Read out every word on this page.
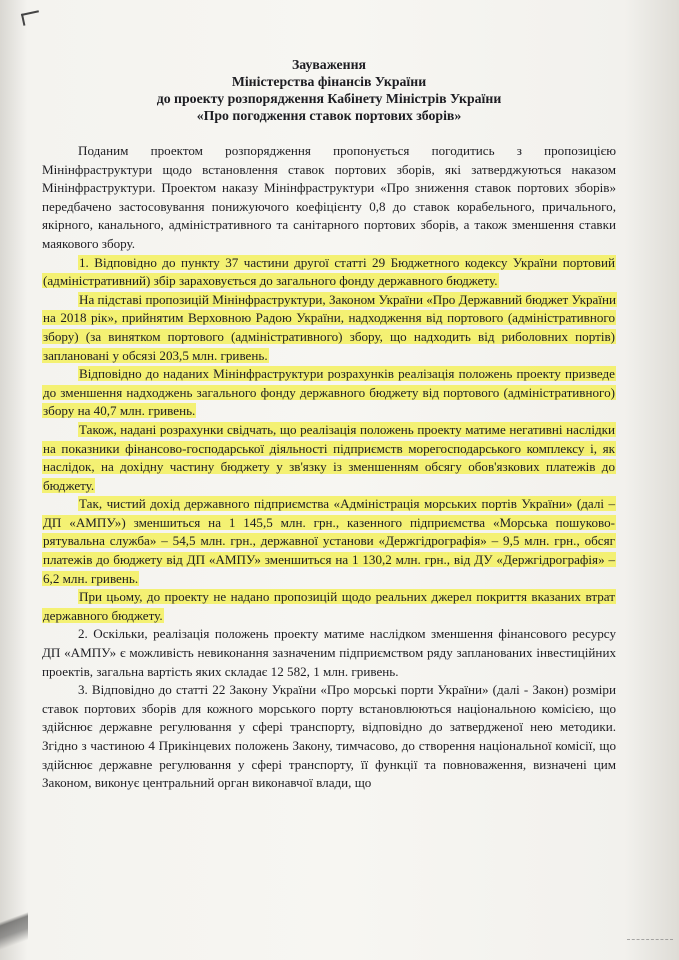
Зауваження
Міністерства фінансів України
до проекту розпорядження Кабінету Міністрів України
«Про погодження ставок портових зборів»

Поданим проектом розпорядження пропонується погодитись з пропозицією Мінінфраструктури щодо встановлення ставок портових зборів, які затверджуються наказом Мінінфраструктури. Проектом наказу Мінінфраструктури «Про зниження ставок портових зборів» передбачено застосовування понижуючого коефіцієнту 0,8 до ставок корабельного, причального, якірного, канального, адміністративного та санітарного портових зборів, а також зменшення ставки маякового збору.

1. Відповідно до пункту 37 частини другої статті 29 Бюджетного кодексу України портовий (адміністративний) збір зараховується до загального фонду державного бюджету.

На підставі пропозицій Мінінфраструктури, Законом України «Про Державний бюджет України на 2018 рік», прийнятим Верховною Радою України, надходження від портового (адміністративного збору) (за винятком портового (адміністративного) збору, що надходить від риболовних портів) заплановані у обсязі 203,5 млн. гривень.

Відповідно до наданих Мінінфраструктури розрахунків реалізація положень проекту призведе до зменшення надходжень загального фонду державного бюджету від портового (адміністративного) збору на 40,7 млн. гривень.

Також, надані розрахунки свідчать, що реалізація положень проекту матиме негативні наслідки на показники фінансово-господарської діяльності підприємств морегосподарського комплексу і, як наслідок, на дохідну частину бюджету у зв'язку із зменшенням обсягу обов'язкових платежів до бюджету.

Так, чистий дохід державного підприємства «Адміністрація морських портів України» (далі – ДП «АМПУ») зменшиться на 1 145,5 млн. грн., казенного підприємства «Морська пошуково-рятувальна служба» – 54,5 млн. грн., державної установи «Держгідрографія» – 9,5 млн. грн., обсяг платежів до бюджету від ДП «АМПУ» зменшиться на 1 130,2 млн. грн., від ДУ «Держгідрографія» – 6,2 млн. гривень.

При цьому, до проекту не надано пропозицій щодо реальних джерел покриття вказаних втрат державного бюджету.

2. Оскільки, реалізація положень проекту матиме наслідком зменшення фінансового ресурсу ДП «АМПУ» є можливість невиконання зазначеним підприємством ряду запланованих інвестиційних проектів, загальна вартість яких складає 12 582, 1 млн. гривень.

3. Відповідно до статті 22 Закону України «Про морські порти України» (далі - Закон) розміри ставок портових зборів для кожного морського порту встановлюються національною комісією, що здійснює державне регулювання у сфері транспорту, відповідно до затвердженої нею методики. Згідно з частиною 4 Прикінцевих положень Закону, тимчасово, до створення національної комісії, що здійснює державне регулювання у сфері транспорту, її функції та повноваження, визначені цим Законом, виконує центральний орган виконавчої влади, що
